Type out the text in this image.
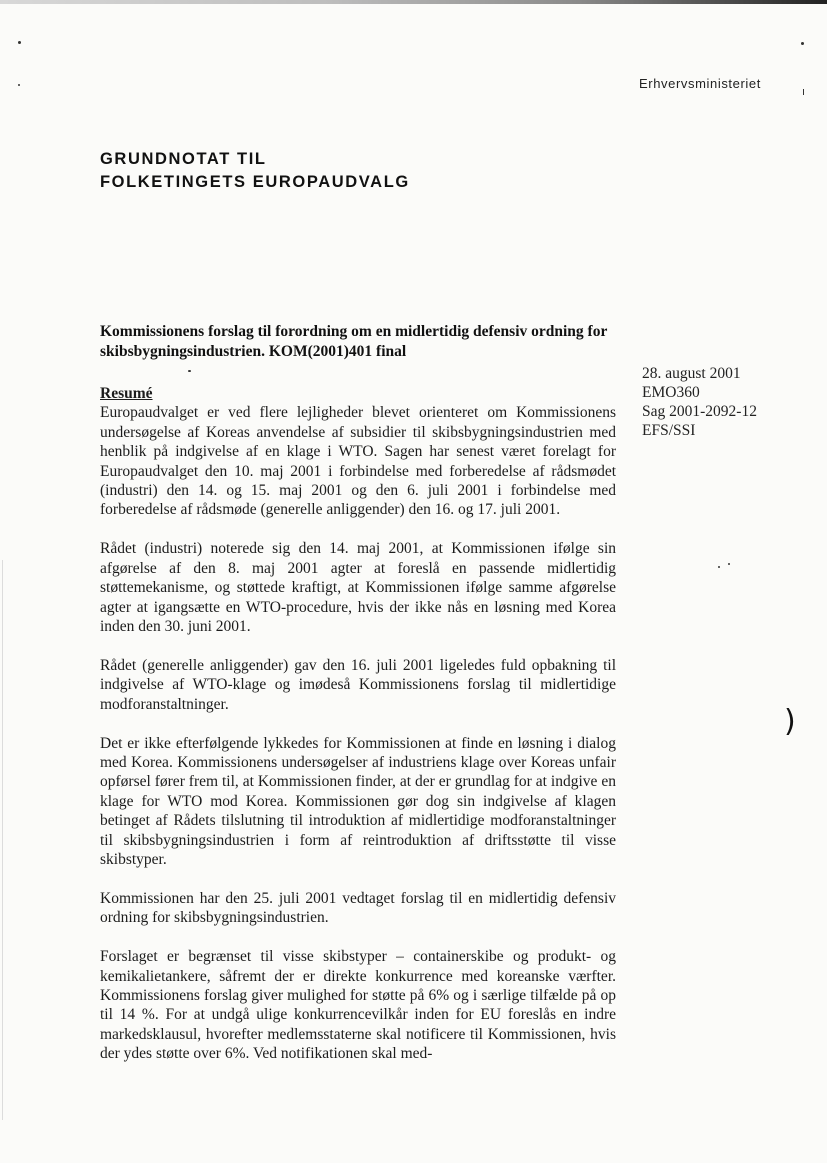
)
Erhvervsministeriet
GRUNDNOTAT TIL
FOLKETINGETS EUROPAUDVALG

Kommissionens forslag til forordning om en midlertidig defensiv ordning for skibsbygningsindustrien. KOM(2001)401 final

28. august 2001
EMO360
Sag 2001-2092-12
EFS/SSI
Resumé

Europaudvalget er ved flere lejligheder blevet orienteret om Kommissionens undersøgelse af Koreas anvendelse af subsidier til skibsbygningsindustrien med henblik på indgivelse af en klage i WTO. Sagen har senest været forelagt for Europaudvalget den 10. maj 2001 i forbindelse med forberedelse af rådsmødet (industri) den 14. og 15. maj 2001 og den 6. juli 2001 i forbindelse med forberedelse af rådsmøde (generelle anliggender) den 16. og 17. juli 2001.

Rådet (industri) noterede sig den 14. maj 2001, at Kommissionen ifølge sin afgørelse af den 8. maj 2001 agter at foreslå en passende midlertidig støttemekanisme, og støttede kraftigt, at Kommissionen ifølge samme afgørelse agter at igangsætte en WTO-procedure, hvis der ikke nås en løsning med Korea inden den 30. juni 2001.

Rådet (generelle anliggender) gav den 16. juli 2001 ligeledes fuld opbakning til indgivelse af WTO-klage og imødeså Kommissionens forslag til midlertidige modforanstaltninger.

Det er ikke efterfølgende lykkedes for Kommissionen at finde en løsning i dialog med Korea. Kommissionens undersøgelser af industriens klage over Koreas unfair opførsel fører frem til, at Kommissionen finder, at der er grundlag for at indgive en klage for WTO mod Korea. Kommissionen gør dog sin indgivelse af klagen betinget af Rådets tilslutning til introduktion af midlertidige modforanstaltninger til skibsbygningsindustrien i form af reintroduktion af driftsstøtte til visse skibstyper.

Kommissionen har den 25. juli 2001 vedtaget forslag til en midlertidig defensiv ordning for skibsbygningsindustrien.

Forslaget er begrænset til visse skibstyper – containerskibe og produkt- og kemikalietankere, såfremt der er direkte konkurrence med koreanske værfter. Kommissionens forslag giver mulighed for støtte på 6% og i særlige tilfælde på op til 14 %. For at undgå ulige konkurrencevilkår inden for EU foreslås en indre markedsklausul, hvorefter medlemsstaterne skal notificere til Kommissionen, hvis der ydes støtte over 6%. Ved notifikationen skal med-
